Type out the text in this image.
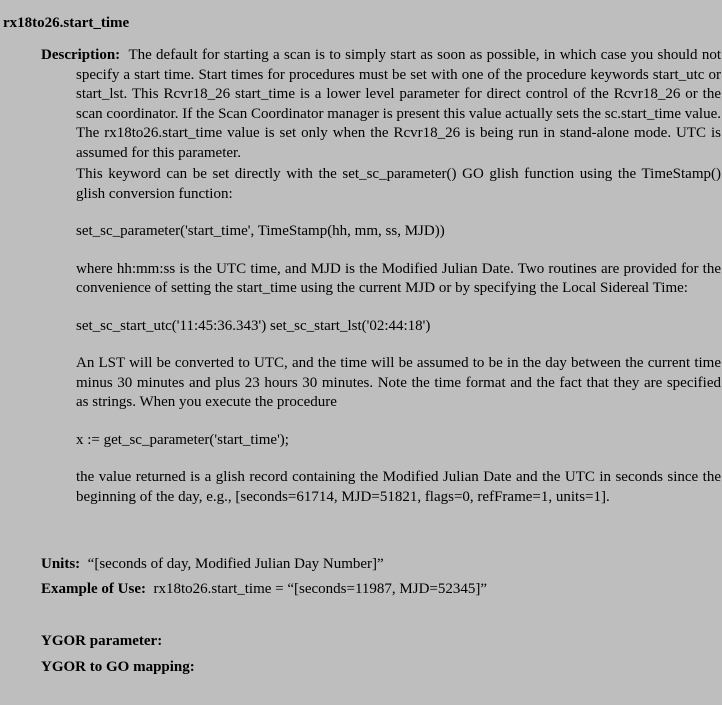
rx18to26.start_time

Description: The default for starting a scan is to simply start as soon as possible, in which case you should not specify a start time. Start times for procedures must be set with one of the procedure keywords start_utc or start_lst. This Rcvr18_26 start_time is a lower level parameter for direct control of the Rcvr18_26 or the scan coordinator. If the Scan Coordinator manager is present this value actually sets the sc.start_time value. The rx18to26.start_time value is set only when the Rcvr18_26 is being run in stand-alone mode. UTC is assumed for this parameter.

This keyword can be set directly with the set_sc_parameter() GO glish function using the TimeStamp() glish conversion function:

set_sc_parameter('start_time', TimeStamp(hh, mm, ss, MJD))

where hh:mm:ss is the UTC time, and MJD is the Modified Julian Date. Two routines are provided for the convenience of setting the start_time using the current MJD or by specifying the Local Sidereal Time:

set_sc_start_utc('11:45:36.343') set_sc_start_lst('02:44:18')

An LST will be converted to UTC, and the time will be assumed to be in the day between the current time minus 30 minutes and plus 23 hours 30 minutes. Note the time format and the fact that they are specified as strings. When you execute the procedure

x := get_sc_parameter('start_time');

the value returned is a glish record containing the Modified Julian Date and the UTC in seconds since the beginning of the day, e.g., [seconds=61714, MJD=51821, flags=0, refFrame=1, units=1].

Units: “[seconds of day, Modified Julian Day Number]”
Example of Use: rx18to26.start_time = “[seconds=11987, MJD=52345]”
YGOR parameter:
YGOR to GO mapping:
